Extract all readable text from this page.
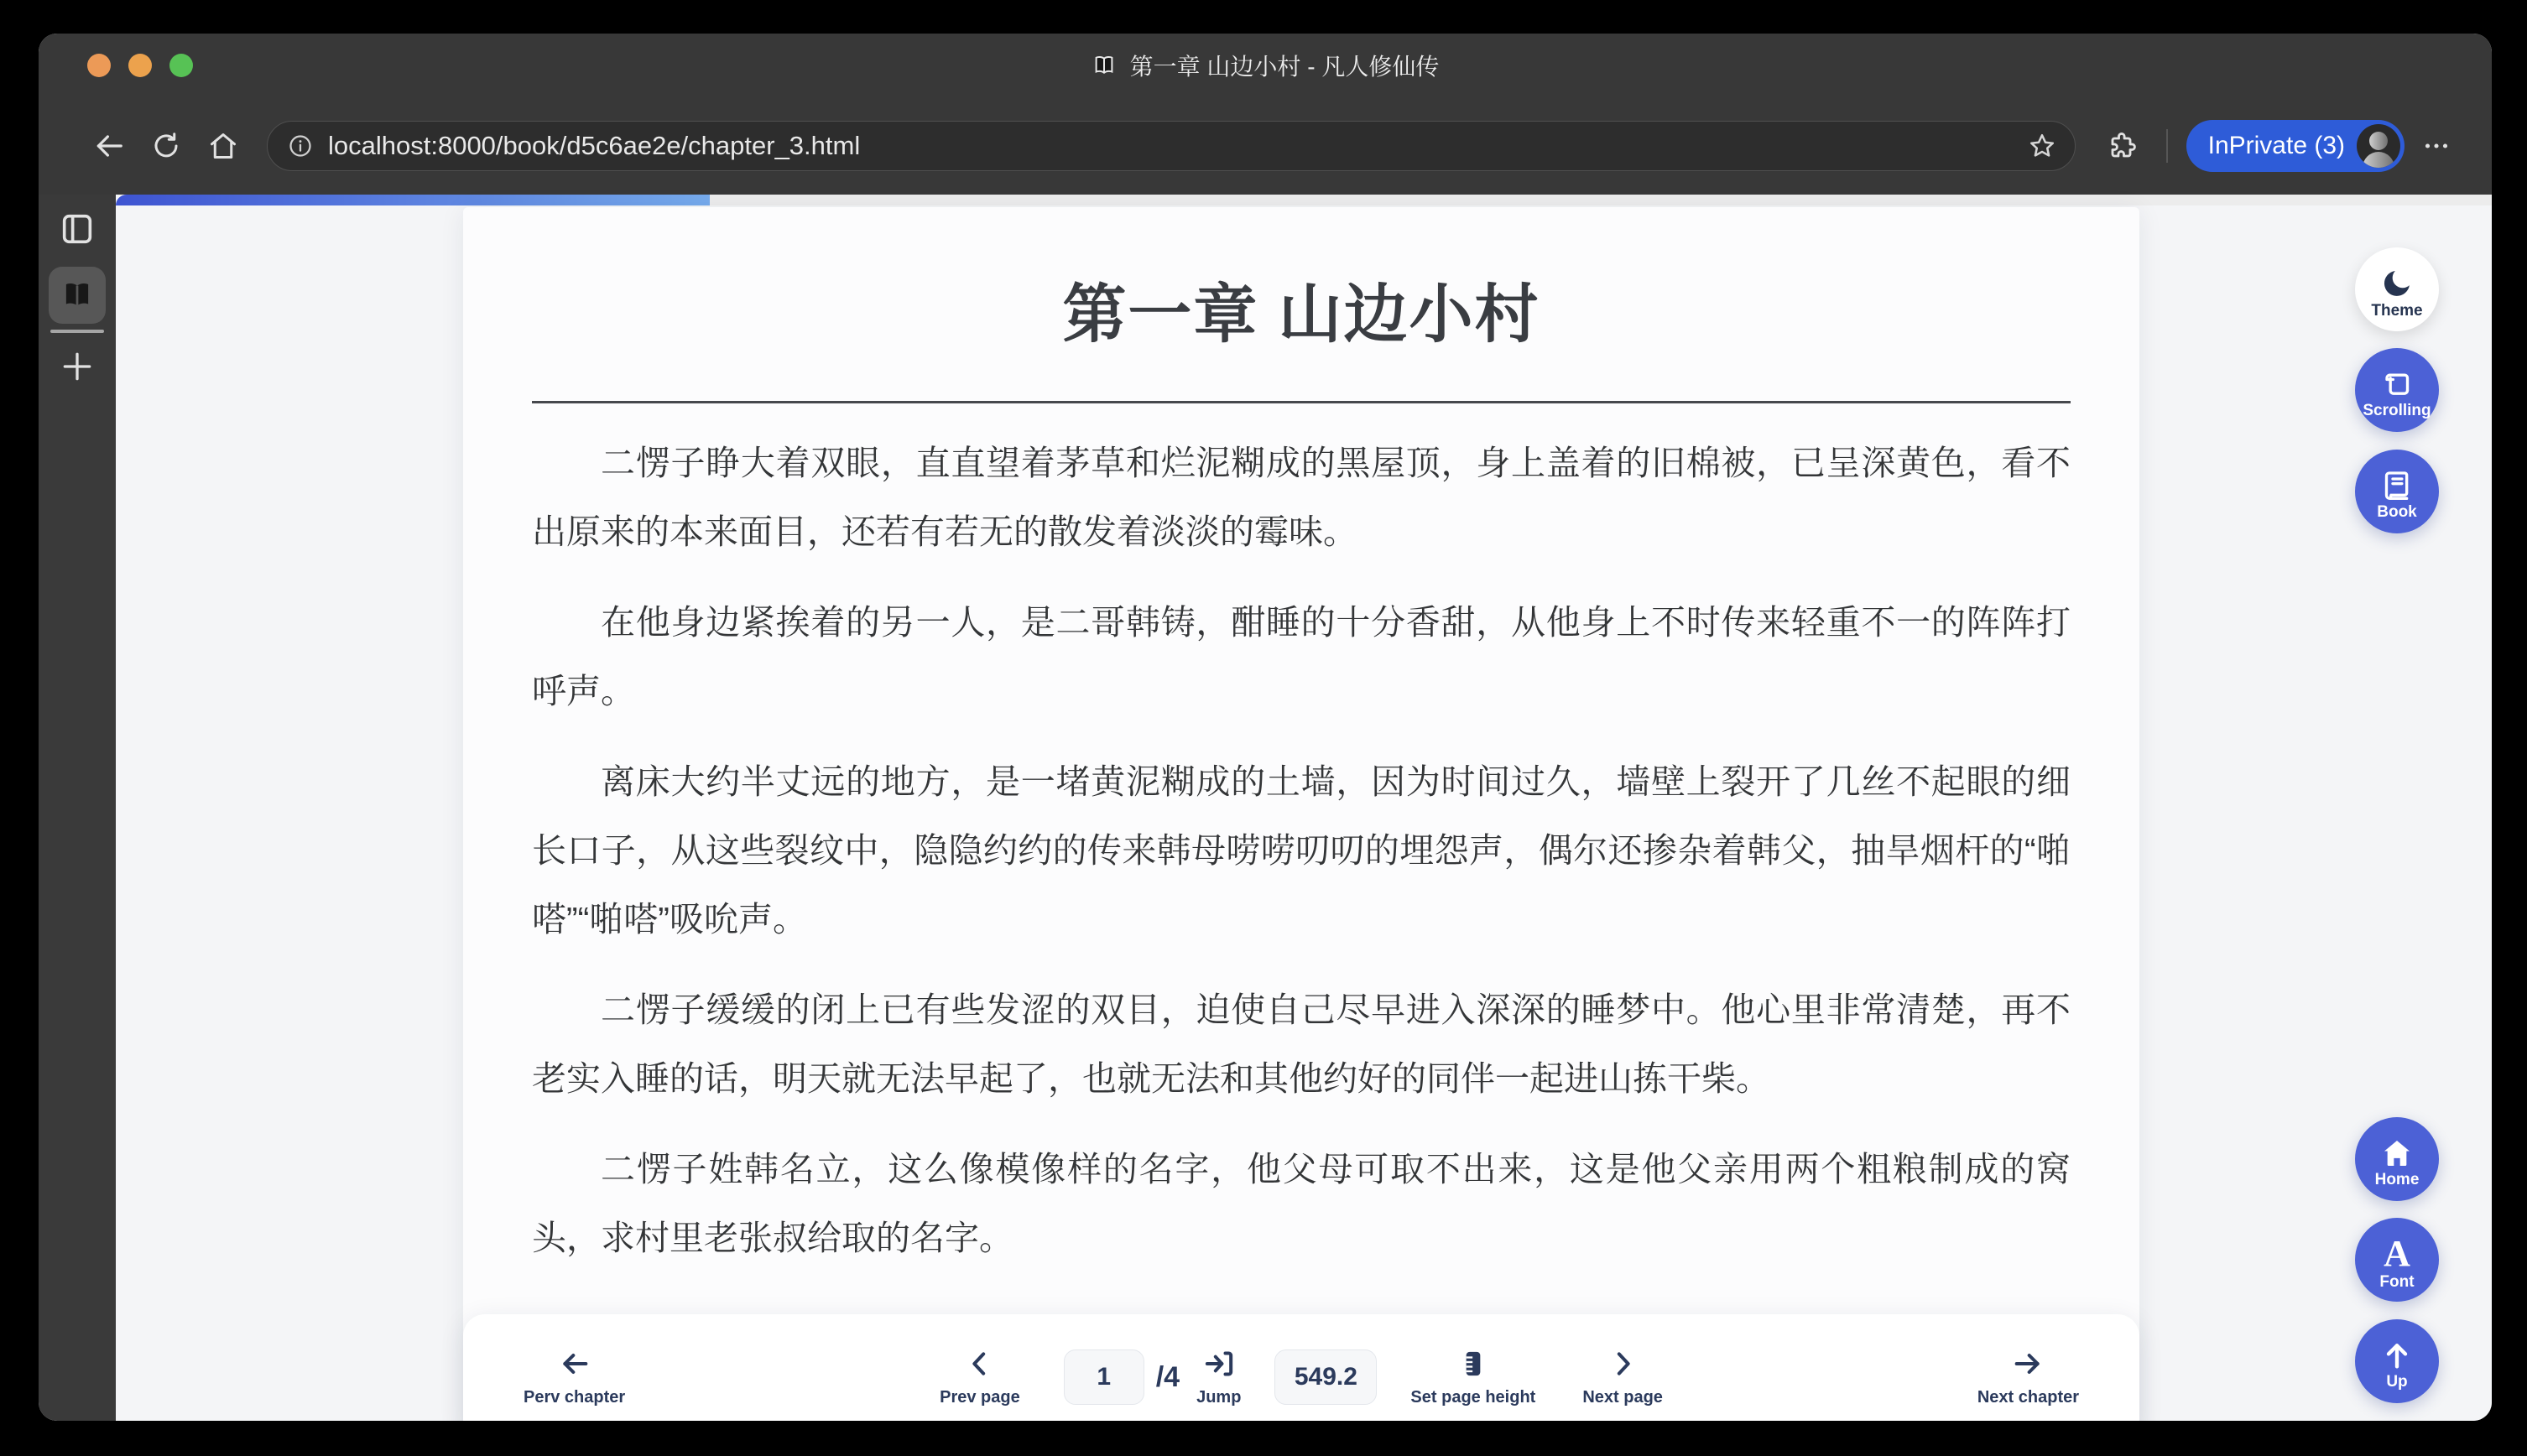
第一章 山边小村 - 凡人修仙传
localhost:8000/book/d5c6ae2e/chapter_3.html	InPrivate (3)
第一章 山边小村

二愣子睁大着双眼，直直望着茅草和烂泥糊成的黑屋顶，身上盖着的旧棉被，已呈深黄色，看不出原来的本来面目，还若有若无的散发着淡淡的霉味。

在他身边紧挨着的另一人，是二哥韩铸，酣睡的十分香甜，从他身上不时传来轻重不一的阵阵打呼声。

离床大约半丈远的地方，是一堵黄泥糊成的土墙，因为时间过久，墙壁上裂开了几丝不起眼的细长口子，从这些裂纹中，隐隐约约的传来韩母唠唠叨叨的埋怨声，偶尔还掺杂着韩父，抽旱烟杆的“啪嗒”“啪嗒”吸吮声。

二愣子缓缓的闭上已有些发涩的双目，迫使自己尽早进入深深的睡梦中。他心里非常清楚，再不老实入睡的话，明天就无法早起了，也就无法和其他约好的同伴一起进山拣干柴。

二愣子姓韩名立，这么像模像样的名字，他父母可取不出来，这是他父亲用两个粗粮制成的窝头，求村里老张叔给取的名字。

Perv chapter	Prev page
1
/4
Jump
549.2	Set page height	Next page	Next chapter
Theme
Scrolling
Book
Home
A
Font
Up
